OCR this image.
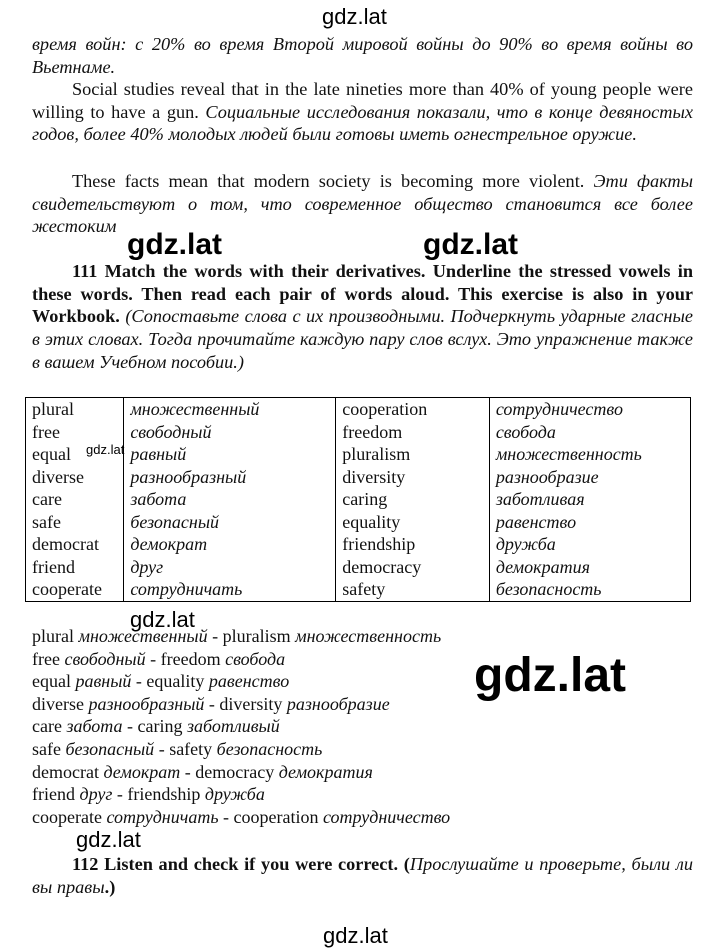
gdz.lat
gdz.lat	gdz.lat
gdz.lat
gdz.lat
gdz.lat
gdz.lat
gdz.lat

время войн: с 20% во время Второй мировой войны до 90% во время войны во Вьетнаме.

Social studies reveal that in the late nineties more than 40% of young people were willing to have a gun. Социальные исследования показали, что в конце девяностых годов, более 40% молодых людей были готовы иметь огнестрельное оружие.

These facts mean that modern society is becoming more violent. Эти факты свидетельствуют о том, что современное общество становится все более жестоким

111 Match the words with their derivatives. Underline the stressed vowels in these words. Then read each pair of words aloud. This exercise is also in your Workbook. (Сопоставьте слова с их производными. Подчеркнуть ударные гласные в этих словах. Тогда прочитайте каждую пару слов вслух. Это упражнение также в вашем Учебном пособии.)

plural	множественный	cooperation	сотрудничество
free	свободный	freedom	свобода
equal	равный	pluralism	множественность
diverse	разнообразный	diversity	разнообразие
care	забота	caring	заботливая
safe	безопасный	equality	равенство
democrat	демократ	friendship	дружба
friend	друг	democracy	демократия
cooperate	сотрудничать	safety	безопасность
plural множественный - pluralism множественность
free свободный - freedom свобода
equal равный - equality равенство
diverse разнообразный - diversity разнообразие
care забота - caring заботливый
safe безопасный - safety безопасность
democrat демократ - democracy демократия
friend друг - friendship дружба
cooperate сотрудничать - cooperation сотрудничество

112 Listen and check if you were correct. (Прослушайте и проверьте, были ли вы правы.)
